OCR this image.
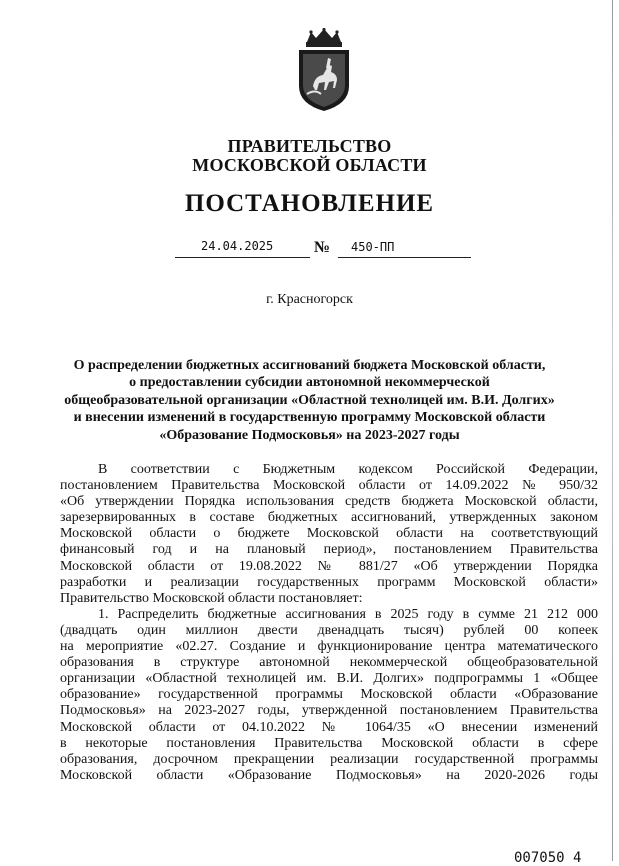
ПРАВИТЕЛЬСТВО
МОСКОВСКОЙ ОБЛАСТИ
ПОСТАНОВЛЕНИЕ
24.04.2025	№ 450-ПП
г. Красногорск
О распределении бюджетных ассигнований бюджета Московской области,
о предоставлении субсидии автономной некоммерческой
общеобразовательной организации «Областной технолицей им. В.И. Долгих»
и внесении изменений в государственную программу Московской области
«Образование Подмосковья» на 2023-2027 годы
В соответствии с Бюджетным кодексом Российской Федерации,
постановлением Правительства Московской области от 14.09.2022 № 950/32
«Об утверждении Порядка использования средств бюджета Московской области,
зарезервированных в составе бюджетных ассигнований, утвержденных законом
Московской области о бюджете Московской области на соответствующий
финансовый год и на плановый период», постановлением Правительства
Московской области от 19.08.2022 № 881/27 «Об утверждении Порядка
разработки и реализации государственных программ Московской области»
Правительство Московской области постановляет:
1. Распределить бюджетные ассигнования в 2025 году в сумме 21 212 000
(двадцать один миллион двести двенадцать тысяч) рублей 00 копеек
на мероприятие «02.27. Создание и функционирование центра математического
образования в структуре автономной некоммерческой общеобразовательной
организации «Областной технолицей им. В.И. Долгих» подпрограммы 1 «Общее
образование» государственной программы Московской области «Образование
Подмосковья» на 2023-2027 годы, утвержденной постановлением Правительства
Московской области от 04.10.2022 № 1064/35 «О внесении изменений
в некоторые постановления Правительства Московской области в сфере
образования, досрочном прекращении реализации государственной программы
Московской области «Образование Подмосковья» на 2020-2026 годы
007050 4
